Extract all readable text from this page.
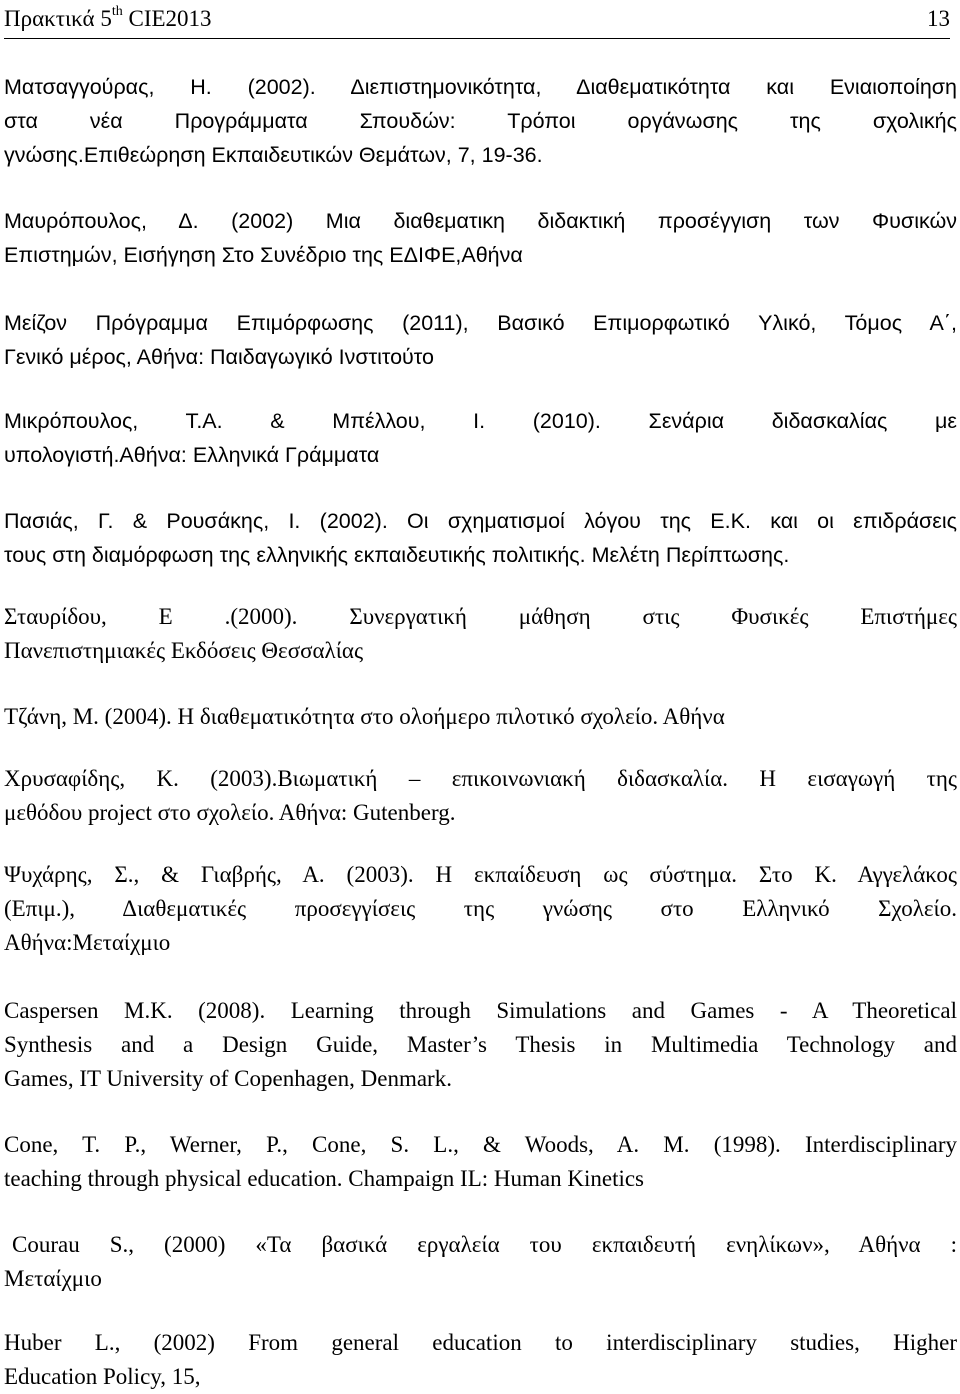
Πρακτικά 5th CIE2013	13

Ματσαγγούρας, Η. (2002). Διεπιστημονικότητα, Διαθεματικότητα και Ενιαιοποίηση
στα νέα Προγράμματα Σπουδών: Τρόποι οργάνωσης της σχολικής
γνώσης.Επιθεώρηση Εκπαιδευτικών Θεμάτων, 7, 19-36.

Μαυρόπουλος, Δ. (2002) Μια διαθεματικη διδακτική προσέγγιση των Φυσικών
Επιστημών, Εισήγηση Στο Συνέδριο της ΕΔΙΦΕ,Αθήνα

Μείζον Πρόγραμμα Επιμόρφωσης (2011), Βασικό Επιμορφωτικό Υλικό, Τόμος Α΄,
Γενικό μέρος, Αθήνα: Παιδαγωγικό Ινστιτούτο

Μικρόπουλος, Τ.Α. & Μπέλλου, Ι. (2010). Σενάρια διδασκαλίας με
υπολογιστή.Αθήνα: Ελληνικά Γράμματα

Πασιάς, Γ. & Ρουσάκης, Ι. (2002). Οι σχηματισμοί λόγου της Ε.Κ. και οι επιδράσεις
τους στη διαμόρφωση της ελληνικής εκπαιδευτικής πολιτικής. Μελέτη Περίπτωσης.

Σταυρίδου, Ε .(2000). Συνεργατική μάθηση στις Φυσικές Επιστήμες
Πανεπιστημιακές Εκδόσεις Θεσσαλίας

Τζάνη, Μ. (2004). Η διαθεματικότητα στο ολοήμερο πιλοτικό σχολείο. Αθήνα

Χρυσαφίδης, Κ. (2003).Βιωματική – επικοινωνιακή διδασκαλία. Η εισαγωγή της
μεθόδου project στο σχολείο. Αθήνα: Gutenberg.

Ψυχάρης, Σ., & Γιαβρής, Α. (2003). Η εκπαίδευση ως σύστημα. Στο Κ. Αγγελάκος
(Επιμ.), Διαθεματικές προσεγγίσεις της γνώσης στο Ελληνικό Σχολείο.
Αθήνα:Μεταίχμιο

Caspersen M.K. (2008). Learning through Simulations and Games - A Theoretical
Synthesis and a Design Guide, Master’s Thesis in Multimedia Technology and
Games, IT University of Copenhagen, Denmark.

Cone, T. P., Werner, P., Cone, S. L., & Woods, A. M. (1998). Interdisciplinary
teaching through physical education. Champaign IL: Human Kinetics

Courau S., (2000) «Τα βασικά εργαλεία του εκπαιδευτή ενηλίκων», Αθήνα :
Μεταίχμιο

Huber L., (2002) From general education to interdisciplinary studies, Higher
Education Policy, 15,
